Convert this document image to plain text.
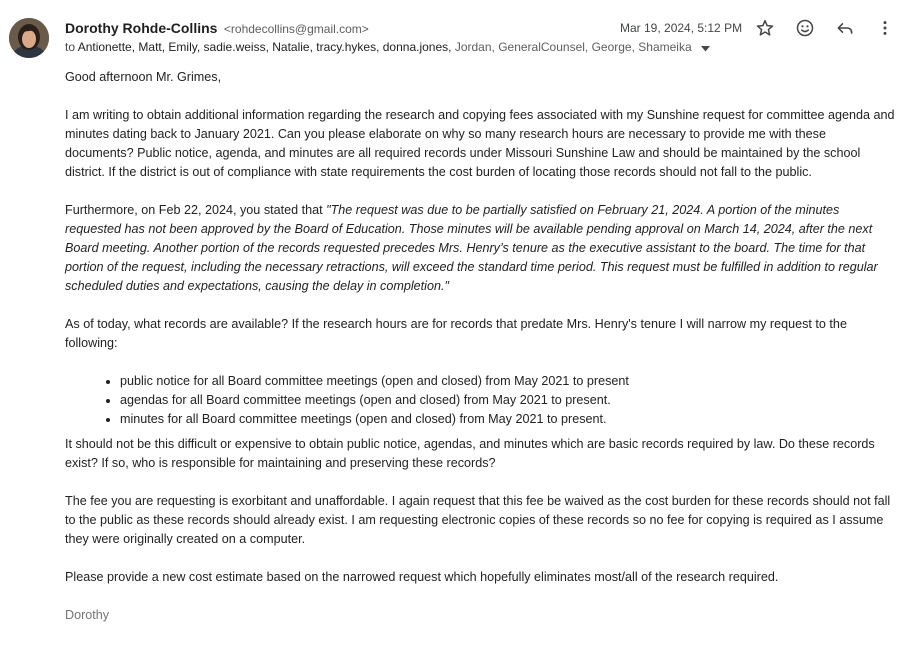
Dorothy Rohde-Collins <rohdecollins@gmail.com>
to Antionette, Matt, Emily, sadie.weiss, Natalie, tracy.hykes, donna.jones, Jordan, GeneralCounsel, George, Shameika
Mar 19, 2024, 5:12 PM

Good afternoon Mr. Grimes,

I am writing to obtain additional information regarding the research and copying fees associated with my Sunshine request for committee agenda and minutes dating back to January 2021. Can you please elaborate on why so many research hours are necessary to provide me with these documents? Public notice, agenda, and minutes are all required records under Missouri Sunshine Law and should be maintained by the school district. If the district is out of compliance with state requirements the cost burden of locating those records should not fall to the public.

Furthermore, on Feb 22, 2024, you stated that "The request was due to be partially satisfied on February 21, 2024. A portion of the minutes requested has not been approved by the Board of Education. Those minutes will be available pending approval on March 14, 2024, after the next Board meeting. Another portion of the records requested precedes Mrs. Henry’s tenure as the executive assistant to the board. The time for that portion of the request, including the necessary retractions, will exceed the standard time period. This request must be fulfilled in addition to regular scheduled duties and expectations, causing the delay in completion."

As of today, what records are available? If the research hours are for records that predate Mrs. Henry's tenure I will narrow my request to the following:

• public notice for all Board committee meetings (open and closed) from May 2021 to present
• agendas for all Board committee meetings (open and closed) from May 2021 to present.
• minutes for all Board committee meetings (open and closed) from May 2021 to present.

It should not be this difficult or expensive to obtain public notice, agendas, and minutes which are basic records required by law. Do these records exist? If so, who is responsible for maintaining and preserving these records?

The fee you are requesting is exorbitant and unaffordable. I again request that this fee be waived as the cost burden for these records should not fall to the public as these records should already exist. I am requesting electronic copies of these records so no fee for copying is required as I assume they were originally created on a computer.

Please provide a new cost estimate based on the narrowed request which hopefully eliminates most/all of the research required.

Dorothy
